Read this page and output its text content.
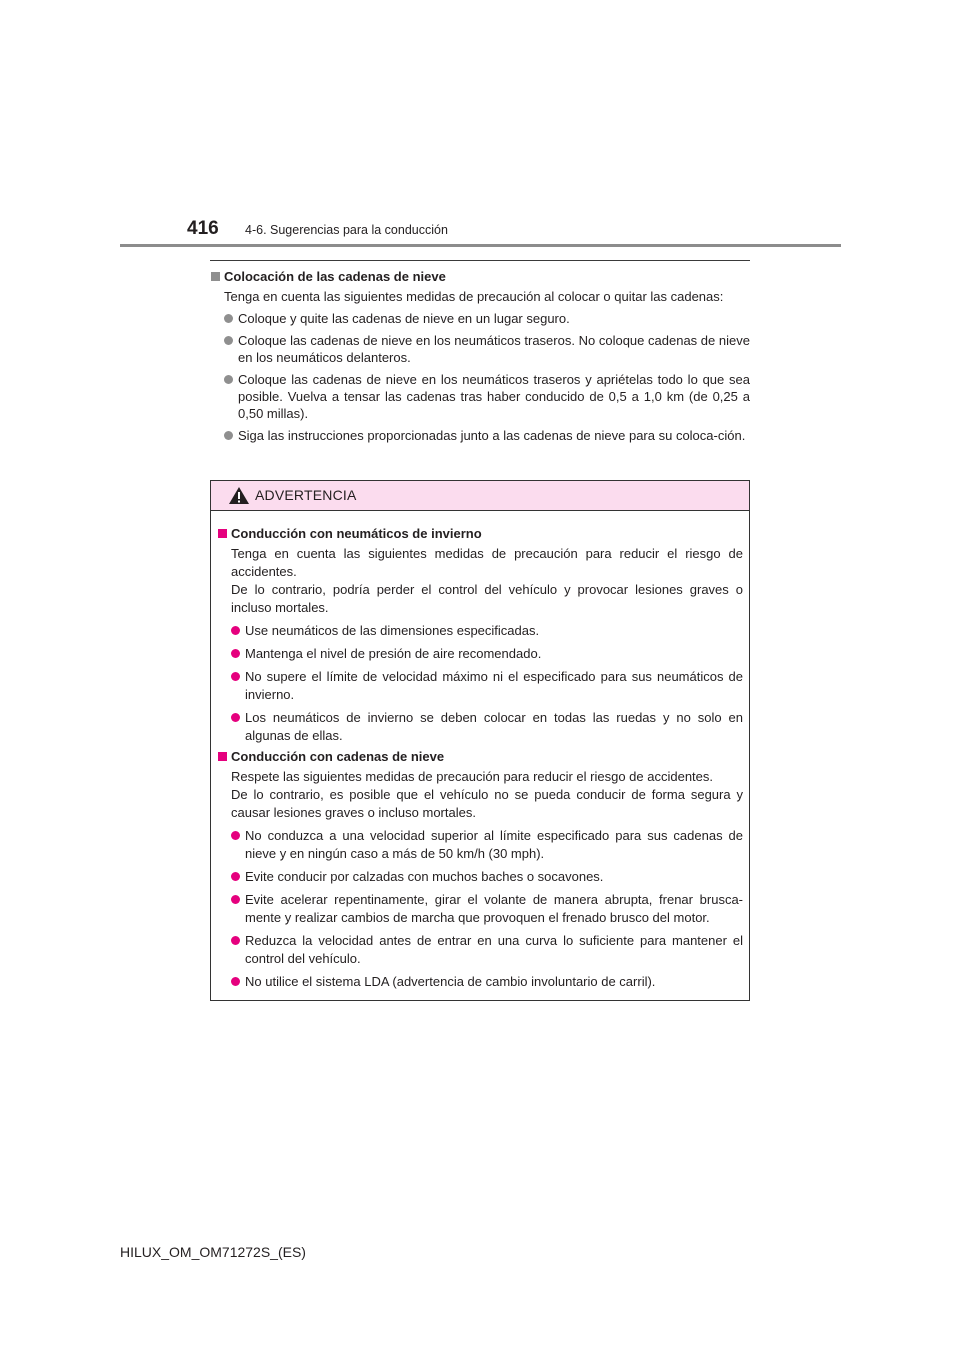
416 4-6. Sugerencias para la conducción

Colocación de las cadenas de nieve

Tenga en cuenta las siguientes medidas de precaución al colocar o quitar las cadenas:

Coloque y quite las cadenas de nieve en un lugar seguro.

Coloque las cadenas de nieve en los neumáticos traseros. No coloque cadenas de nieve en los neumáticos delanteros.

Coloque las cadenas de nieve en los neumáticos traseros y apriételas todo lo que sea posible. Vuelva a tensar las cadenas tras haber conducido de 0,5 a 1,0 km (de 0,25 a 0,50 millas).

Siga las instrucciones proporcionadas junto a las cadenas de nieve para su coloca-ción.

ADVERTENCIA

Conducción con neumáticos de invierno

Tenga en cuenta las siguientes medidas de precaución para reducir el riesgo de accidentes.

De lo contrario, podría perder el control del vehículo y provocar lesiones graves o incluso mortales.

Use neumáticos de las dimensiones especificadas.

Mantenga el nivel de presión de aire recomendado.

No supere el límite de velocidad máximo ni el especificado para sus neumáticos de invierno.

Los neumáticos de invierno se deben colocar en todas las ruedas y no solo en algunas de ellas.

Conducción con cadenas de nieve

Respete las siguientes medidas de precaución para reducir el riesgo de accidentes.

De lo contrario, es posible que el vehículo no se pueda conducir de forma segura y causar lesiones graves o incluso mortales.

No conduzca a una velocidad superior al límite especificado para sus cadenas de nieve y en ningún caso a más de 50 km/h (30 mph).

Evite conducir por calzadas con muchos baches o socavones.

Evite acelerar repentinamente, girar el volante de manera abrupta, frenar brusca-mente y realizar cambios de marcha que provoquen el frenado brusco del motor.

Reduzca la velocidad antes de entrar en una curva lo suficiente para mantener el control del vehículo.

No utilice el sistema LDA (advertencia de cambio involuntario de carril).

HILUX_OM_OM71272S_(ES)
